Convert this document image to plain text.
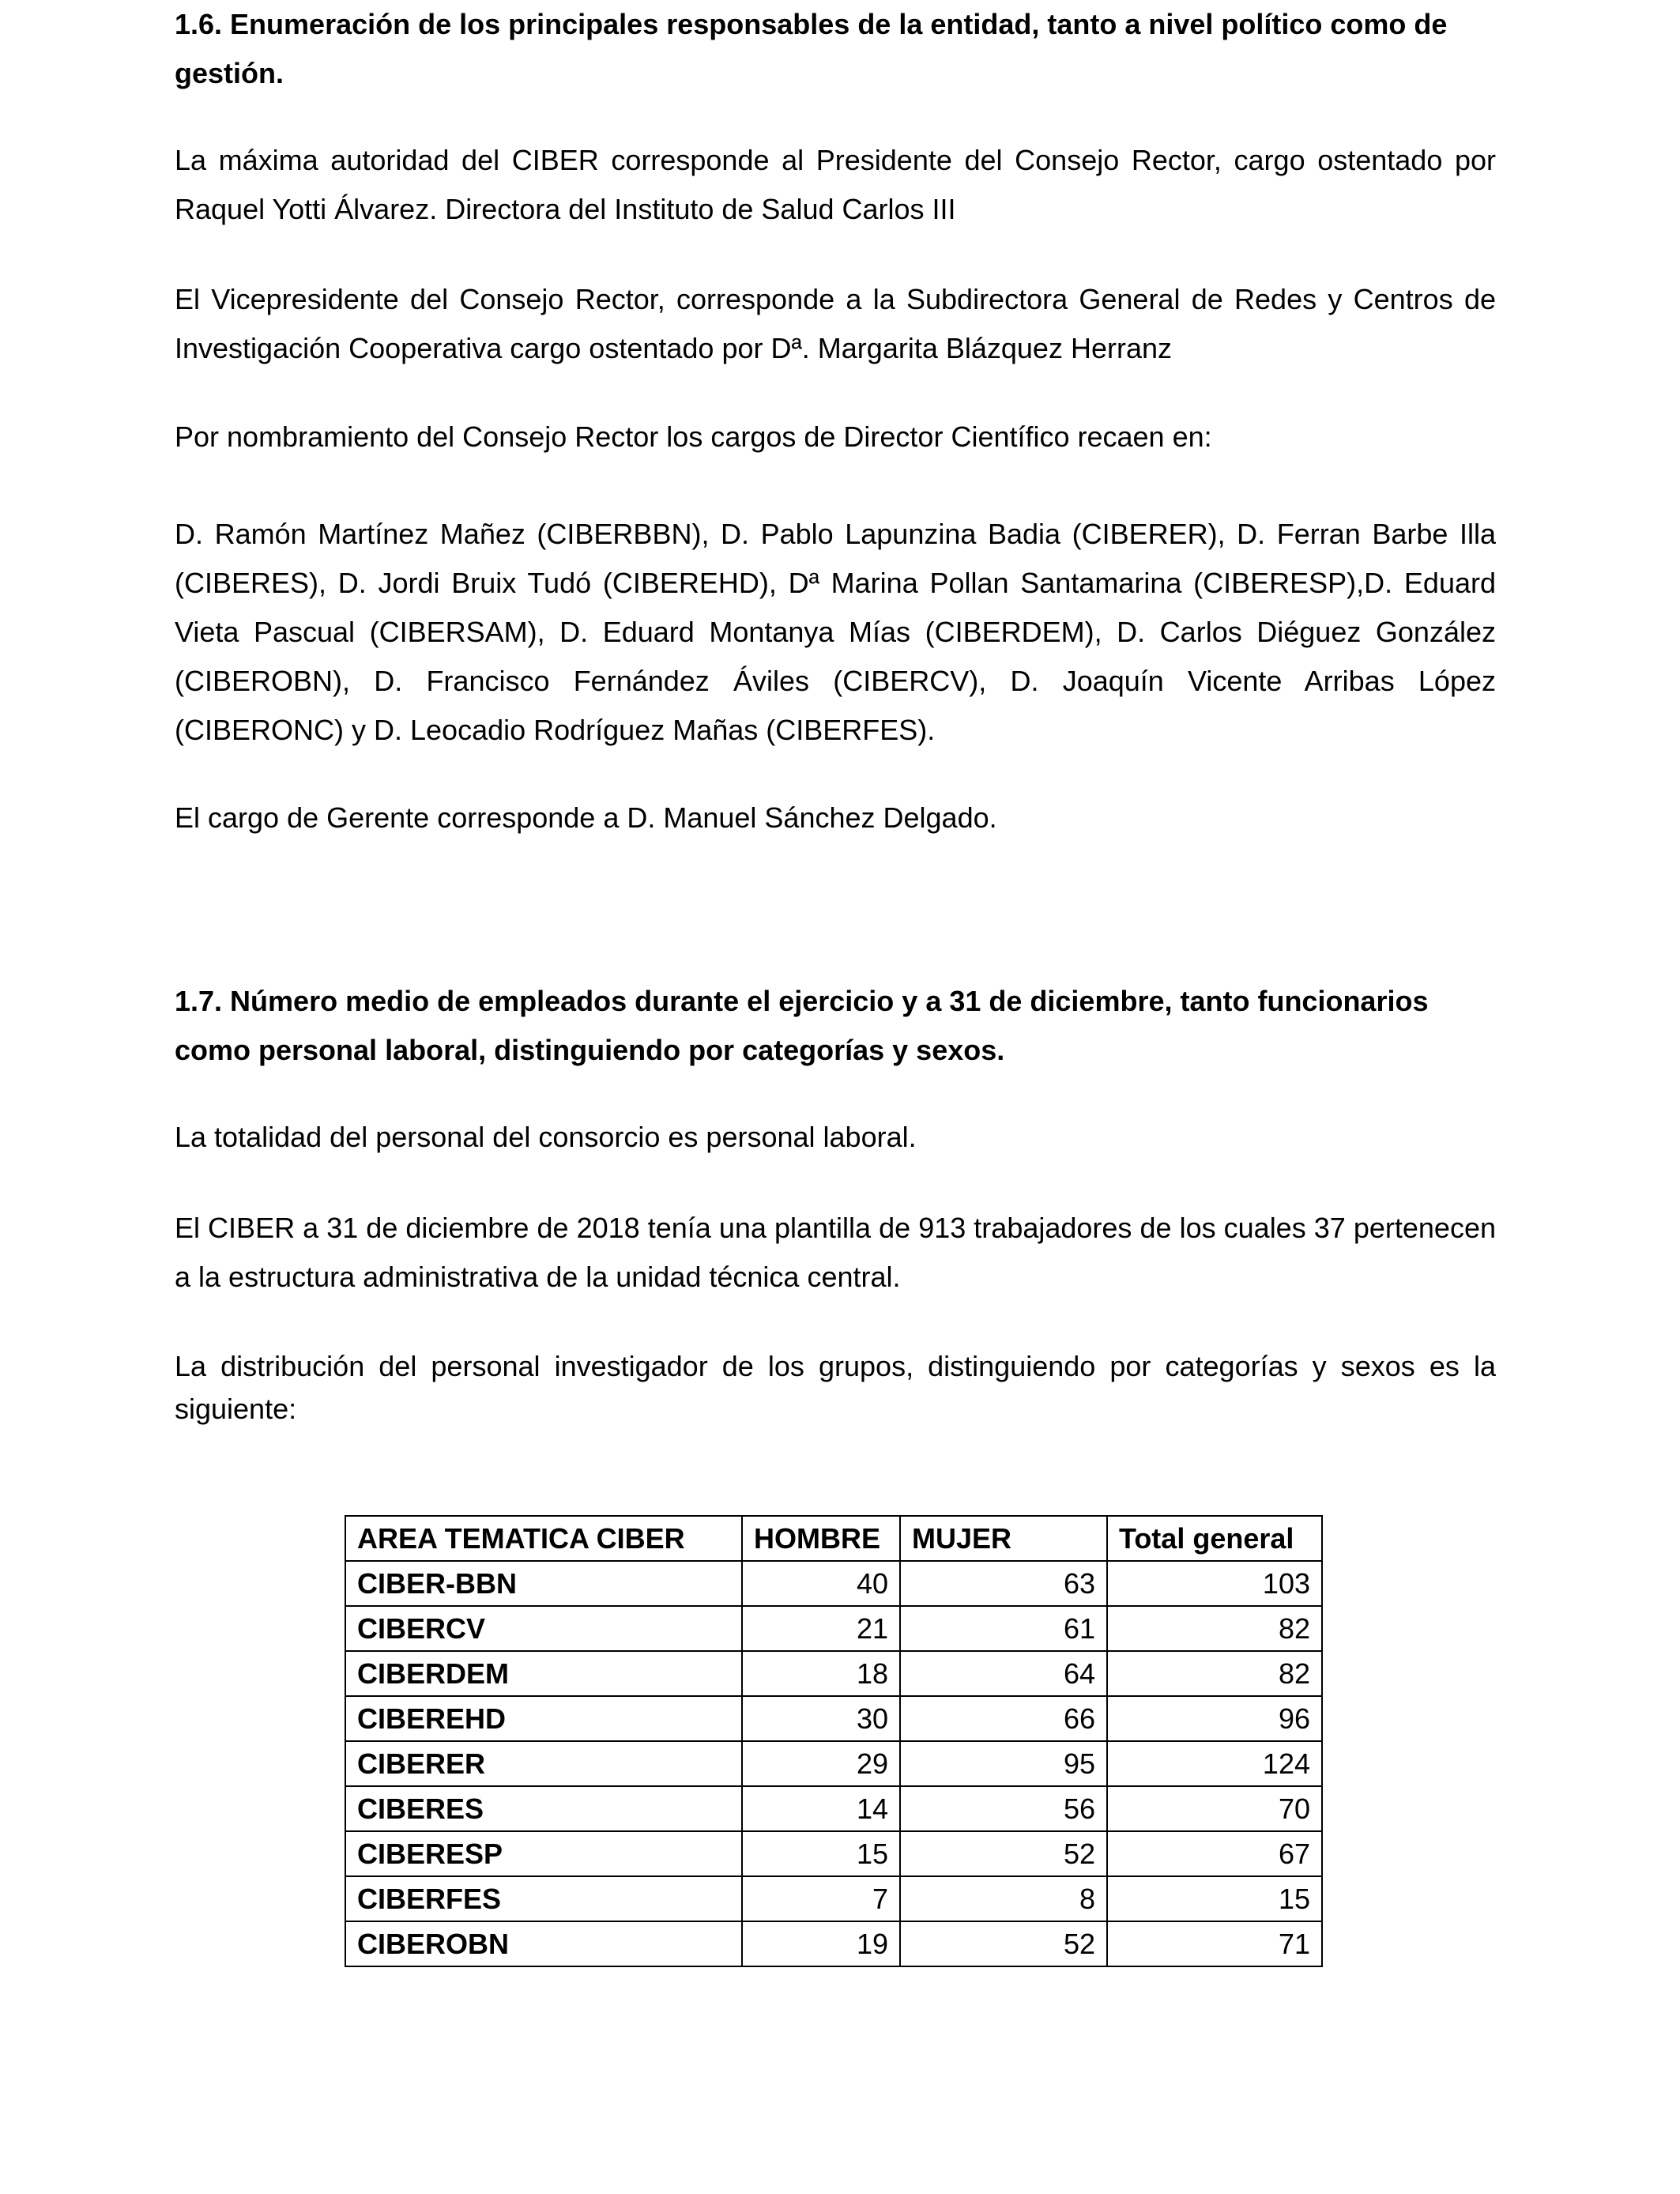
1.6. Enumeración de los principales responsables de la entidad, tanto a nivel político como de gestión.
La máxima autoridad del CIBER corresponde al Presidente del Consejo Rector, cargo ostentado por Raquel Yotti Álvarez. Directora del Instituto de Salud Carlos III
El Vicepresidente del Consejo Rector, corresponde a la Subdirectora General de Redes y Centros de Investigación Cooperativa cargo ostentado por Dª. Margarita Blázquez Herranz
Por nombramiento del Consejo Rector los cargos de Director Científico recaen en:
D. Ramón Martínez Mañez (CIBERBBN), D. Pablo Lapunzina Badia (CIBERER), D. Ferran Barbe Illa (CIBERES), D. Jordi Bruix Tudó (CIBEREHD), Dª Marina Pollan Santamarina (CIBERESP),D. Eduard Vieta Pascual (CIBERSAM), D. Eduard Montanya Mías (CIBERDEM), D. Carlos Diéguez González (CIBEROBN), D. Francisco Fernández Áviles (CIBERCV), D. Joaquín Vicente Arribas López (CIBERONC) y D. Leocadio Rodríguez Mañas (CIBERFES).
El cargo de Gerente corresponde a D. Manuel Sánchez Delgado.
1.7. Número medio de empleados durante el ejercicio y a 31 de diciembre, tanto funcionarios como personal laboral, distinguiendo por categorías y sexos.
La totalidad del personal del consorcio es personal laboral.
El CIBER a 31 de diciembre de 2018 tenía una plantilla de 913 trabajadores de los cuales 37 pertenecen a la estructura administrativa de la unidad técnica central.
La distribución del personal investigador de los grupos, distinguiendo por categorías y sexos es la siguiente:
AREA TEMATICA CIBER	HOMBRE	MUJER	Total general
CIBER-BBN	40	63	103
CIBERCV	21	61	82
CIBERDEM	18	64	82
CIBEREHD	30	66	96
CIBERER	29	95	124
CIBERES	14	56	70
CIBERESP	15	52	67
CIBERFES	7	8	15
CIBEROBN	19	52	71
